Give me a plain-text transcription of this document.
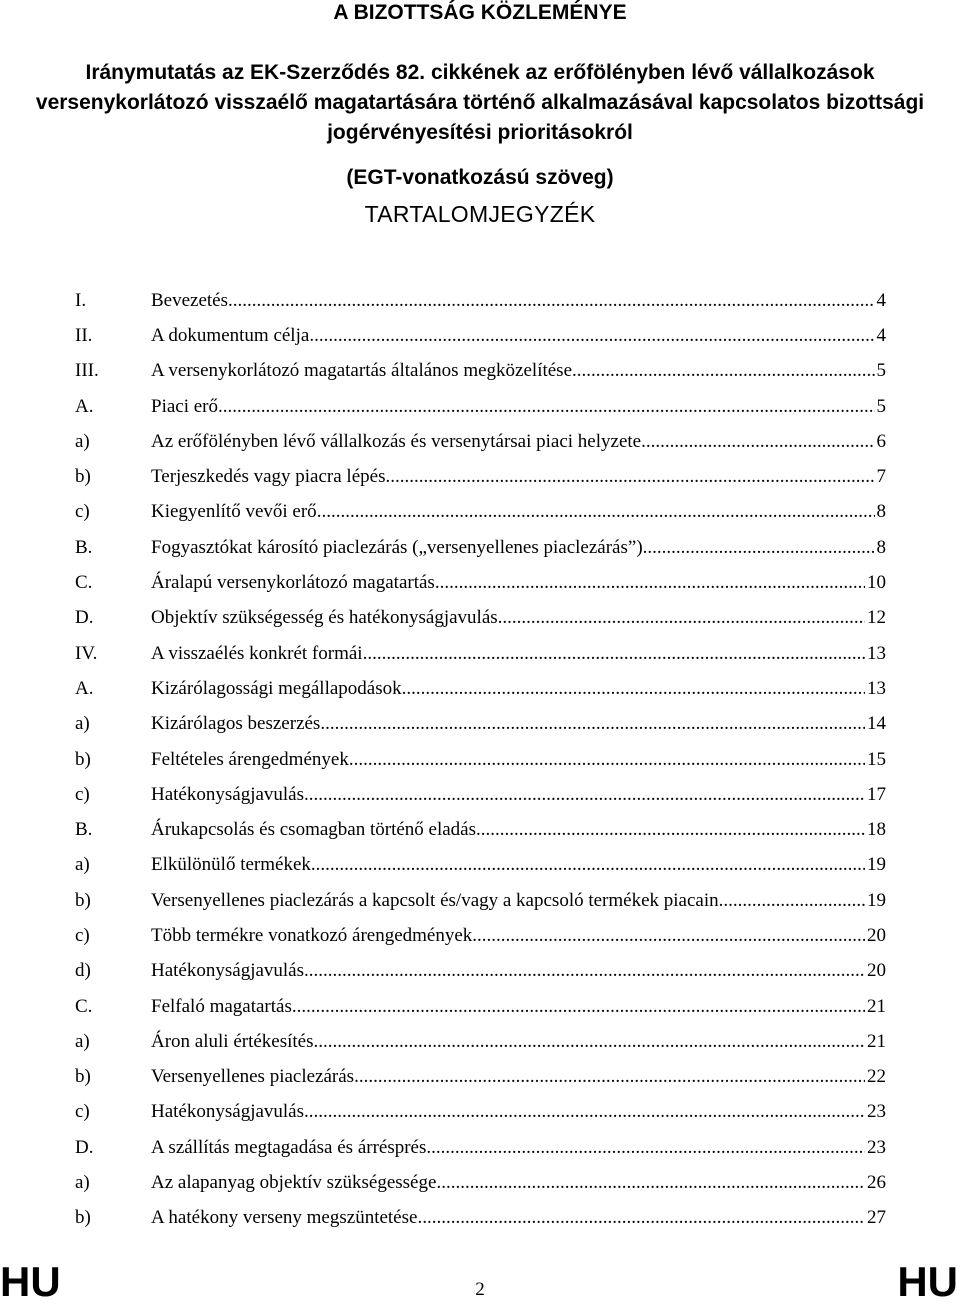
A BIZOTTSÁG KÖZLEMÉNYE
Iránymutatás az EK-Szerződés 82. cikkének az erőfölényben lévő vállalkozások
versenykorlátozó visszaélő magatartására történő alkalmazásával kapcsolatos bizottsági
jogérvényesítési prioritásokról
(EGT-vonatkozású szöveg)
TARTALOMJEGYZÉK
I.	Bevezetés .....	4
II.	A dokumentum célja .....	4
III.	A versenykorlátozó magatartás általános megközelítése .....	5
A.	Piaci erő .....	5
a)	Az erőfölényben lévő vállalkozás és versenytársai piaci helyzete .....	6
b)	Terjeszkedés vagy piacra lépés .....	7
c)	Kiegyenlítő vevői erő .....	8
B.	Fogyasztókat károsító piaclezárás („versenyellenes piaclezárás”) .....	8
C.	Áralapú versenykorlátozó magatartás .....	10
D.	Objektív szükségesség és hatékonyságjavulás .....	12
IV.	A visszaélés konkrét formái .....	13
A.	Kizárólagossági megállapodások .....	13
a)	Kizárólagos beszerzés .....	14
b)	Feltételes árengedmények .....	15
c)	Hatékonyságjavulás .....	17
B.	Árukapcsolás és csomagban történő eladás .....	18
a)	Elkülönülő termékek .....	19
b)	Versenyellenes piaclezárás a kapcsolt és/vagy a kapcsoló termékek piacain .....	19
c)	Több termékre vonatkozó árengedmények .....	20
d)	Hatékonyságjavulás .....	20
C.	Felfaló magatartás .....	21
a)	Áron aluli értékesítés .....	21
b)	Versenyellenes piaclezárás .....	22
c)	Hatékonyságjavulás .....	23
D.	A szállítás megtagadása és árrésprés .....	23
a)	Az alapanyag objektív szükségessége .....	26
b)	A hatékony verseny megszüntetése .....	27
HU	2	HU
